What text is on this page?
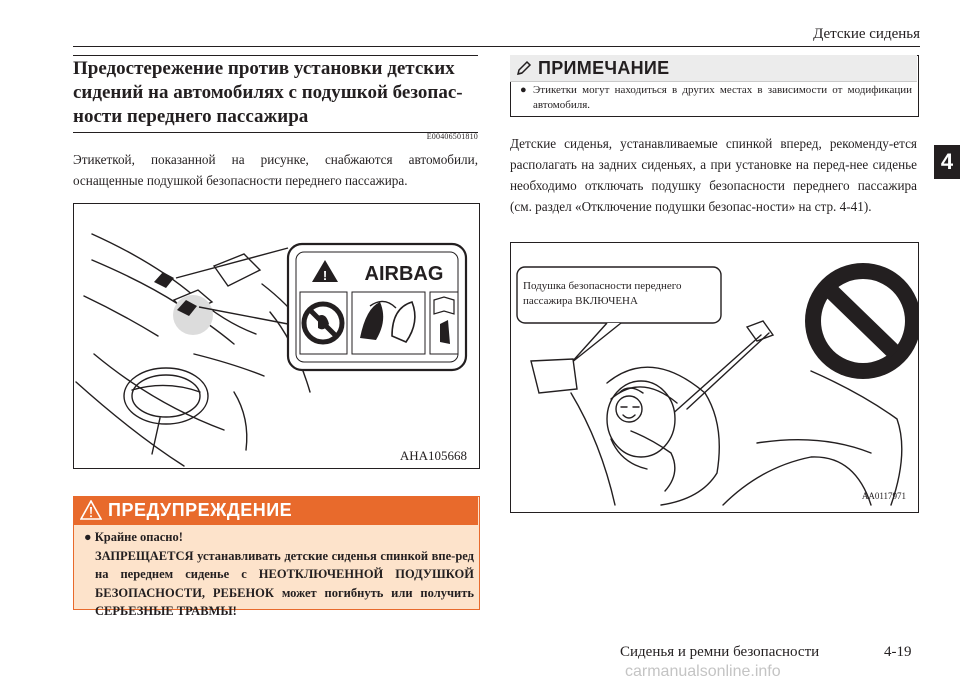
Детские сиденья
4
Предостережение против установки детских сидений на автомобилях с подушкой безопас-ности переднего пассажира
E00406501810

Этикеткой, показанной на рисунке, снабжаются автомобили, оснащенные подушкой безопасности переднего пассажира.

! AIRBAG
AHA105668
ПРЕДУПРЕЖДЕНИЕ
● Крайне опасно!

ЗАПРЕЩАЕТСЯ устанавливать детские сиденья спинкой впе-ред на переднем сиденье с НЕОТКЛЮЧЕННОЙ ПОДУШКОЙ БЕЗОПАСНОСТИ, РЕБЕНОК может погибнуть или получить СЕРЬЕЗНЫЕ ТРАВМЫ!

ПРИМЕЧАНИЕ
● Этикетки могут находиться в других местах в зависимости от модификации автомобиля.

Детские сиденья, устанавливаемые спинкой вперед, рекоменду-ется располагать на задних сиденьях, а при установке на перед-нее сиденье необходимо отключать подушку безопасности переднего пассажира (см. раздел «Отключение подушки безопас-ности» на стр. 4-41).

Подушка безопасности переднего пассажира ВКЛЮЧЕНА
AA0117971
Сиденья и ремни безопасности	4-19
carmanualsonline.info
